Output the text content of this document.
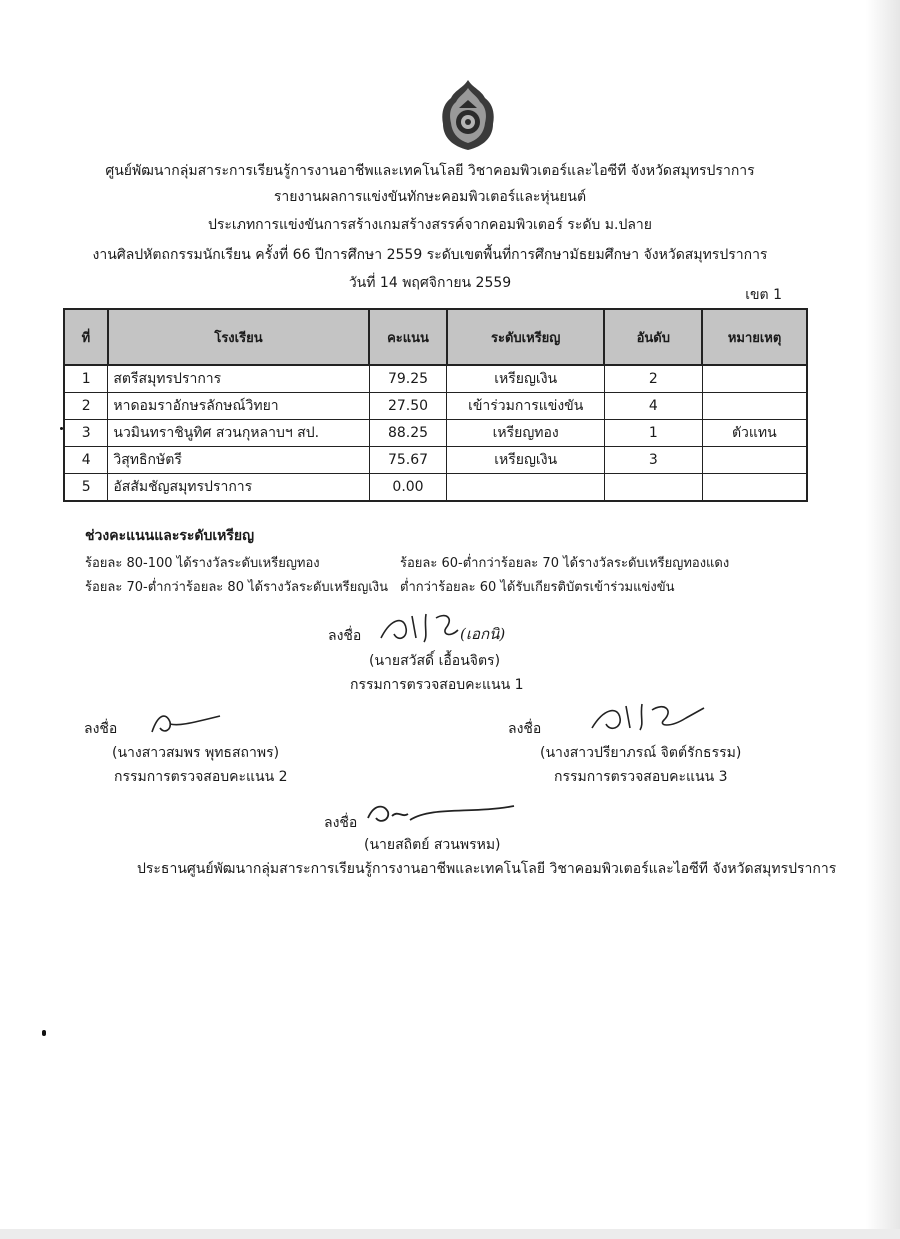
ศูนย์พัฒนากลุ่มสาระการเรียนรู้การงานอาชีพและเทคโนโลยี วิชาคอมพิวเตอร์และไอซีที จังหวัดสมุทรปราการ
รายงานผลการแข่งขันทักษะคอมพิวเตอร์และหุ่นยนต์
ประเภทการแข่งขันการสร้างเกมสร้างสรรค์จากคอมพิวเตอร์ ระดับ ม.ปลาย
งานศิลปหัตถกรรมนักเรียน ครั้งที่ 66 ปีการศึกษา 2559 ระดับเขตพื้นที่การศึกษามัธยมศึกษา จังหวัดสมุทรปราการ
วันที่ 14 พฤศจิกายน 2559
เขต 1
ที่	โรงเรียน	คะแนน	ระดับเหรียญ	อันดับ	หมายเหตุ
1	สตรีสมุทรปราการ	79.25	เหรียญเงิน	2	
2	หาดอมราอักษรลักษณ์วิทยา	27.50	เข้าร่วมการแข่งขัน	4	
3	นวมินทราชินูทิศ สวนกุหลาบฯ สป.	88.25	เหรียญทอง	1	ตัวแทน
4	วิสุทธิกษัตรี	75.67	เหรียญเงิน	3	
5	อัสสัมชัญสมุทรปราการ	0.00			
ช่วงคะแนนและระดับเหรียญ
ร้อยละ 80-100 ได้รางวัลระดับเหรียญทอง	ร้อยละ 60-ต่ำกว่าร้อยละ 70 ได้รางวัลระดับเหรียญทองแดง
ร้อยละ 70-ต่ำกว่าร้อยละ 80 ได้รางวัลระดับเหรียญเงิน ต่ำกว่าร้อยละ 60 ได้รับเกียรติบัตรเข้าร่วมแข่งขัน
ลงชื่อ	(เอกนิ)
(นายสวัสดิ์ เอื้อนจิตร)
กรรมการตรวจสอบคะแนน 1
ลงชื่อ
(นางสาวสมพร พุทธสถาพร)
กรรมการตรวจสอบคะแนน 2
ลงชื่อ
(นางสาวปรียาภรณ์ จิตต์รักธรรม)
กรรมการตรวจสอบคะแนน 3
ลงชื่อ
(นายสถิตย์ สวนพรหม)
ประธานศูนย์พัฒนากลุ่มสาระการเรียนรู้การงานอาชีพและเทคโนโลยี วิชาคอมพิวเตอร์และไอซีที จังหวัดสมุทรปราการ
